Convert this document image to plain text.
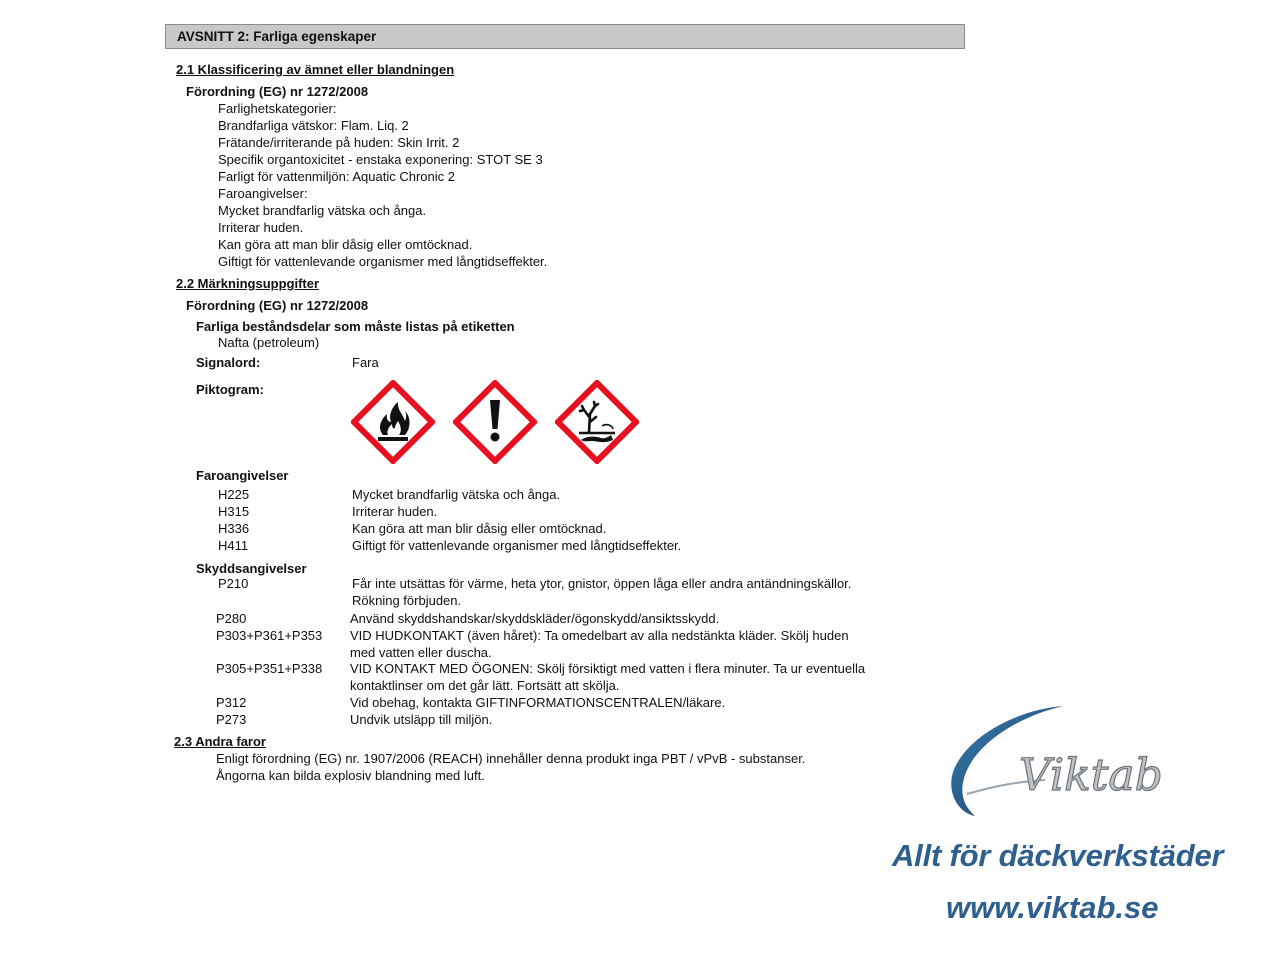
AVSNITT 2: Farliga egenskaper
2.1 Klassificering av ämnet eller blandningen
Förordning (EG) nr 1272/2008
Farlighetskategorier:
Brandfarliga vätskor: Flam. Liq. 2
Frätande/irriterande på huden: Skin Irrit. 2
Specifik organtoxicitet - enstaka exponering: STOT SE 3
Farligt för vattenmiljön: Aquatic Chronic 2
Faroangivelser:
Mycket brandfarlig vätska och ånga.
Irriterar huden.
Kan göra att man blir dåsig eller omtöcknad.
Giftigt för vattenlevande organismer med långtidseffekter.
2.2 Märkningsuppgifter
Förordning (EG) nr 1272/2008
Farliga beståndsdelar som måste listas på etiketten
Nafta (petroleum)
Signalord:	Fara
Piktogram:
Faroangivelser
H225	Mycket brandfarlig vätska och ånga.
H315	Irriterar huden.
H336	Kan göra att man blir dåsig eller omtöcknad.
H411	Giftigt för vattenlevande organismer med långtidseffekter.
Skyddsangivelser
P210	Får inte utsättas för värme, heta ytor, gnistor, öppen låga eller andra antändningskällor.
Rökning förbjuden.
P280	Använd skyddshandskar/skyddskläder/ögonskydd/ansiktsskydd.
P303+P361+P353 VID HUDKONTAKT (även håret): Ta omedelbart av alla nedstänkta kläder. Skölj huden
med vatten eller duscha.
P305+P351+P338 VID KONTAKT MED ÖGONEN: Skölj försiktigt med vatten i flera minuter. Ta ur eventuella
kontaktlinser om det går lätt. Fortsätt att skölja.
P312	Vid obehag, kontakta GIFTINFORMATIONSCENTRALEN/läkare.
P273	Undvik utsläpp till miljön.
2.3 Andra faror
Enligt förordning (EG) nr. 1907/2006 (REACH) innehåller denna produkt inga PBT / vPvB - substanser.
Ångorna kan bilda explosiv blandning med luft.	Viktab
Allt för däckverkstäder
www.viktab.se
